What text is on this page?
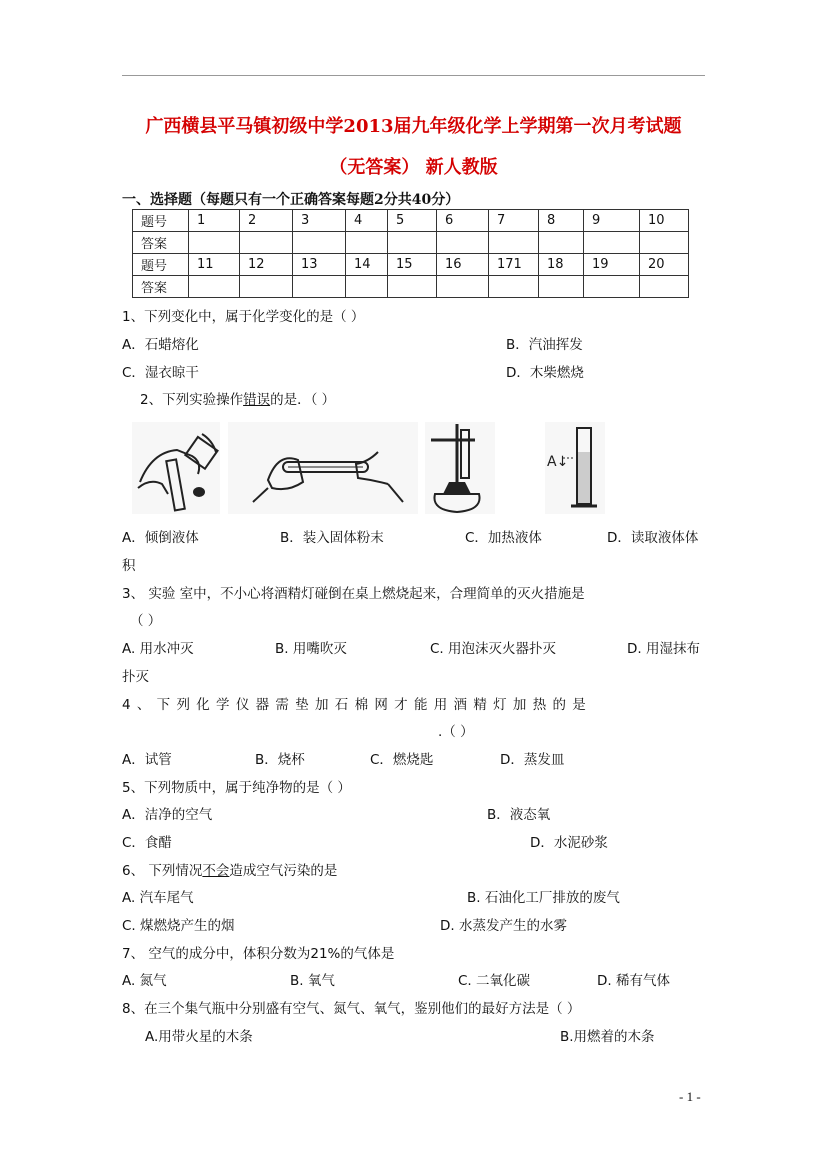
广西横县平马镇初级中学2013届九年级化学上学期第一次月考试题
（无答案） 新人教版
一、选择题（每题只有一个正确答案每题2分共40分）
题号	1	2	3	4	5	6	7	8	9	10
答案										
题号	11	12	13	14	15	16	171	18	19	20
答案										
1、下列变化中，属于化学变化的是（ ）
A．石蜡熔化	B．汽油挥发
C．湿衣晾干	D．木柴燃烧
2、下列实验操作错误的是．（ ）
A↓
A．倾倒液体	B．装入固体粉末	C．加热液体	D．读取液体体
积
3、 实验 室中，不小心将酒精灯碰倒在桌上燃烧起来，合理简单的灭火措施是
（ ）
A. 用水冲灭	B. 用嘴吹灭	C. 用泡沫灭火器扑灭	D. 用湿抹布
扑灭
4 、 下 列 化 学 仪 器 需 垫 加 石 棉 网 才 能 用 酒 精 灯 加 热 的 是
.（ ）
A．试管	B．烧杯	C．燃烧匙	D．蒸发皿
5、下列物质中，属于纯净物的是（ ）
A．洁净的空气	B．液态氧
C．食醋	D．水泥砂浆
6、 下列情况不会造成空气污染的是
A. 汽车尾气	B. 石油化工厂排放的废气
C. 煤燃烧产生的烟	D. 水蒸发产生的水雾
7、 空气的成分中，体积分数为21%的气体是
A. 氮气	B. 氧气	C. 二氧化碳	D. 稀有气体
8、在三个集气瓶中分别盛有空气、氮气、氧气，鉴别他们的最好方法是（ ）
A.用带火星的木条	B.用燃着的木条
- 1 -
